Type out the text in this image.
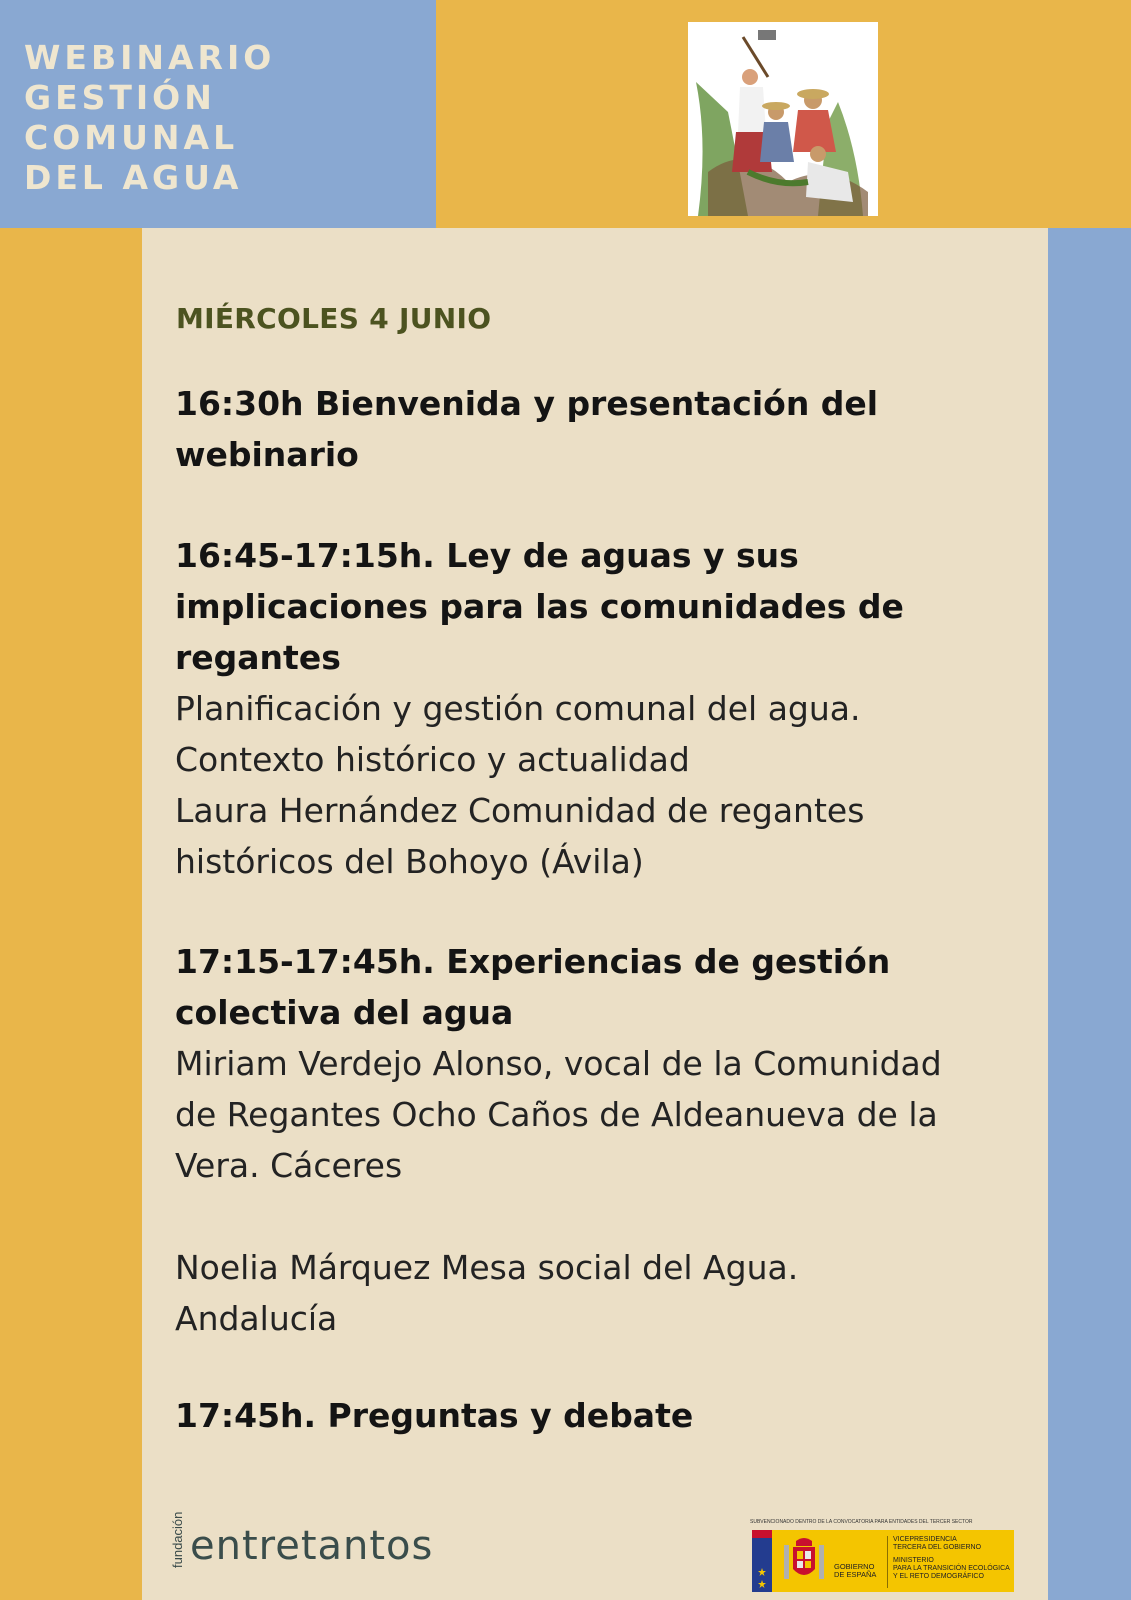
WEBINARIO
GESTIÓN
COMUNAL
DEL AGUA
MIÉRCOLES 4 JUNIO

16:30h Bienvenida y presentación del

webinario

16:45-17:15h. Ley de aguas y sus

implicaciones para las comunidades de

regantes

Planificación y gestión comunal del agua.

Contexto histórico y actualidad

Laura Hernández Comunidad de regantes

históricos del Bohoyo (Ávila)

17:15-17:45h. Experiencias de gestión

colectiva del agua

Miriam Verdejo Alonso, vocal de la Comunidad

de Regantes Ocho Caños de Aldeanueva de la

Vera. Cáceres

Noelia Márquez Mesa social del Agua.

Andalucía

17:45h. Preguntas y debate

fundación entretantos
SUBVENCIONADO DENTRO DE LA CONVOCATORIA PARA ENTIDADES DEL TERCER SECTOR
GOBIERNO
DE ESPAÑA
VICEPRESIDENCIA
TERCERA DEL GOBIERNO
MINISTERIO
PARA LA TRANSICIÓN ECOLÓGICA
Y EL RETO DEMOGRÁFICO
